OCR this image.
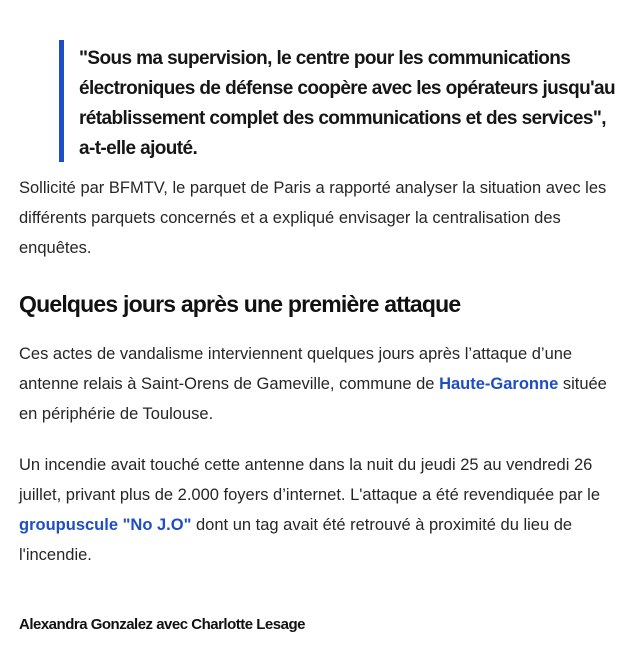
"Sous ma supervision, le centre pour les communications
électroniques de défense coopère avec les opérateurs jusqu'au
rétablissement complet des communications et des services",
a-t-elle ajouté.

Sollicité par BFMTV, le parquet de Paris a rapporté analyser la situation avec les différents parquets concernés et a expliqué envisager la centralisation des enquêtes.

Quelques jours après une première attaque

Ces actes de vandalisme interviennent quelques jours après l’attaque d’une antenne relais à Saint-Orens de Gameville, commune de Haute-Garonne située en périphérie de Toulouse.

Un incendie avait touché cette antenne dans la nuit du jeudi 25 au vendredi 26 juillet, privant plus de 2.000 foyers d’internet. L'attaque a été revendiquée par le groupuscule "No J.O" dont un tag avait été retrouvé à proximité du lieu de l'incendie.

Alexandra Gonzalez avec Charlotte Lesage
